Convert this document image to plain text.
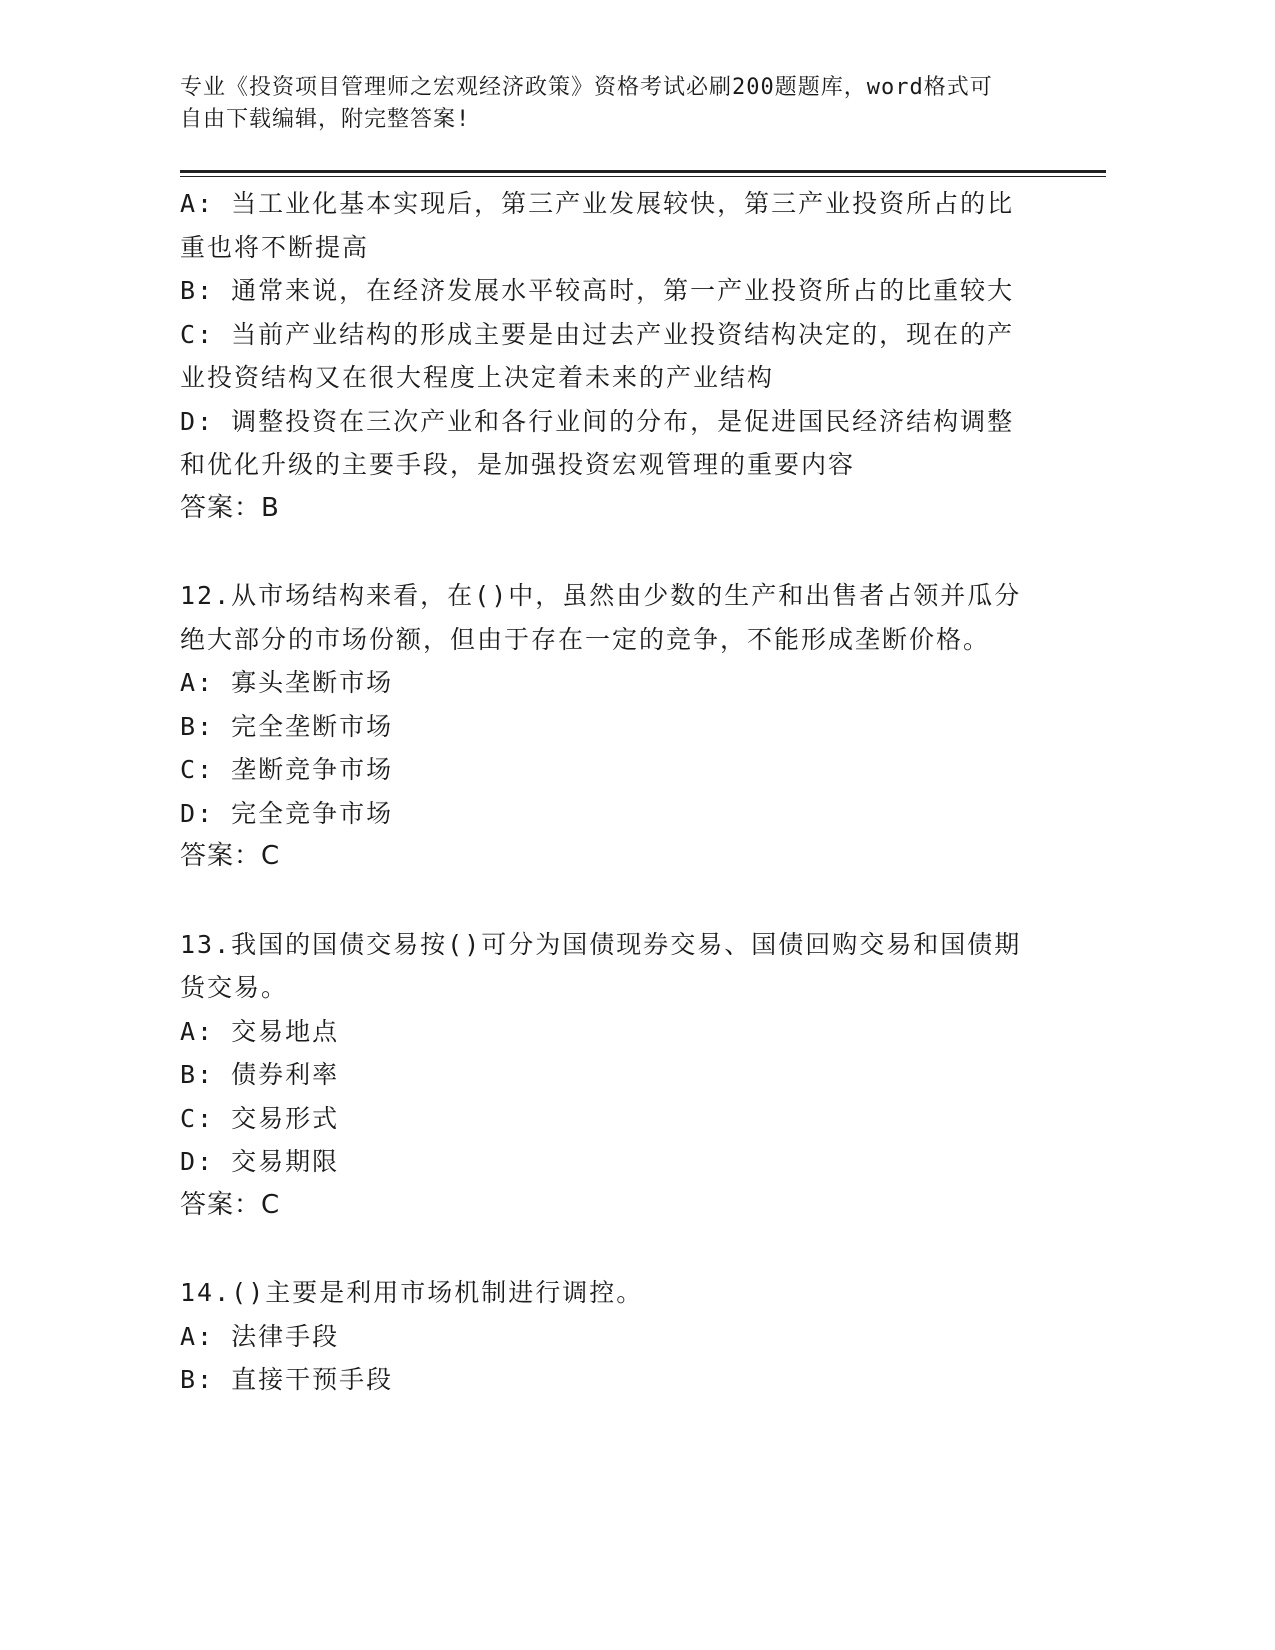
专业《投资项目管理师之宏观经济政策》资格考试必刷200题题库，word格式可
自由下载编辑，附完整答案!
A: 当工业化基本实现后，第三产业发展较快，第三产业投资所占的比
重也将不断提高
B: 通常来说，在经济发展水平较高时，第一产业投资所占的比重较大
C: 当前产业结构的形成主要是由过去产业投资结构决定的，现在的产
业投资结构又在很大程度上决定着未来的产业结构
D: 调整投资在三次产业和各行业间的分布，是促进国民经济结构调整
和优化升级的主要手段，是加强投资宏观管理的重要内容
答案：B
12.从市场结构来看，在()中，虽然由少数的生产和出售者占领并瓜分
绝大部分的市场份额，但由于存在一定的竞争，不能形成垄断价格。
A: 寡头垄断市场
B: 完全垄断市场
C: 垄断竞争市场
D: 完全竞争市场
答案：C
13.我国的国债交易按()可分为国债现券交易、国债回购交易和国债期
货交易。
A: 交易地点
B: 债券利率
C: 交易形式
D: 交易期限
答案：C
14.()主要是利用市场机制进行调控。
A: 法律手段
B: 直接干预手段
